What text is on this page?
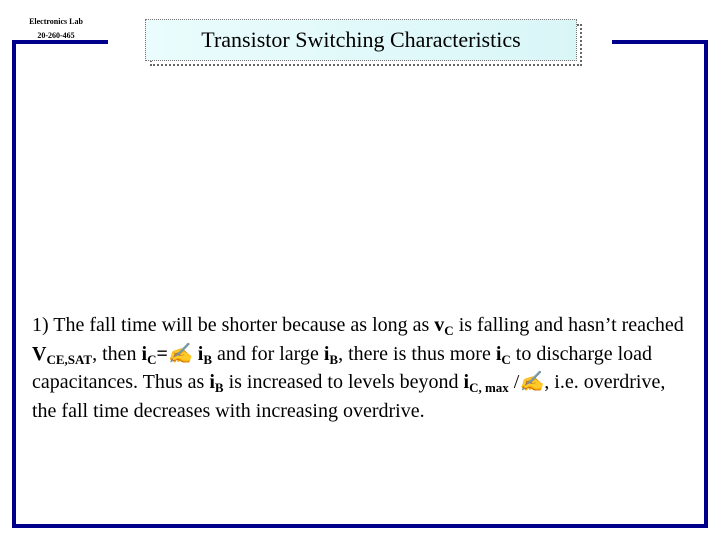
Electronics Lab
20-260-465	Transistor Switching Characteristics
1) The fall time will be shorter because as long as $v_C$ is falling and hasn’t reached $V_{CE,SAT}$, then $i_C=✍$ $i_B$ and for large $i_B$, there is thus more $i_C$ to discharge load capacitances. Thus as $i_B$ is increased to levels beyond $i_{C, max}$ /✍, i.e. overdrive, the fall time decreases with increasing overdrive.
